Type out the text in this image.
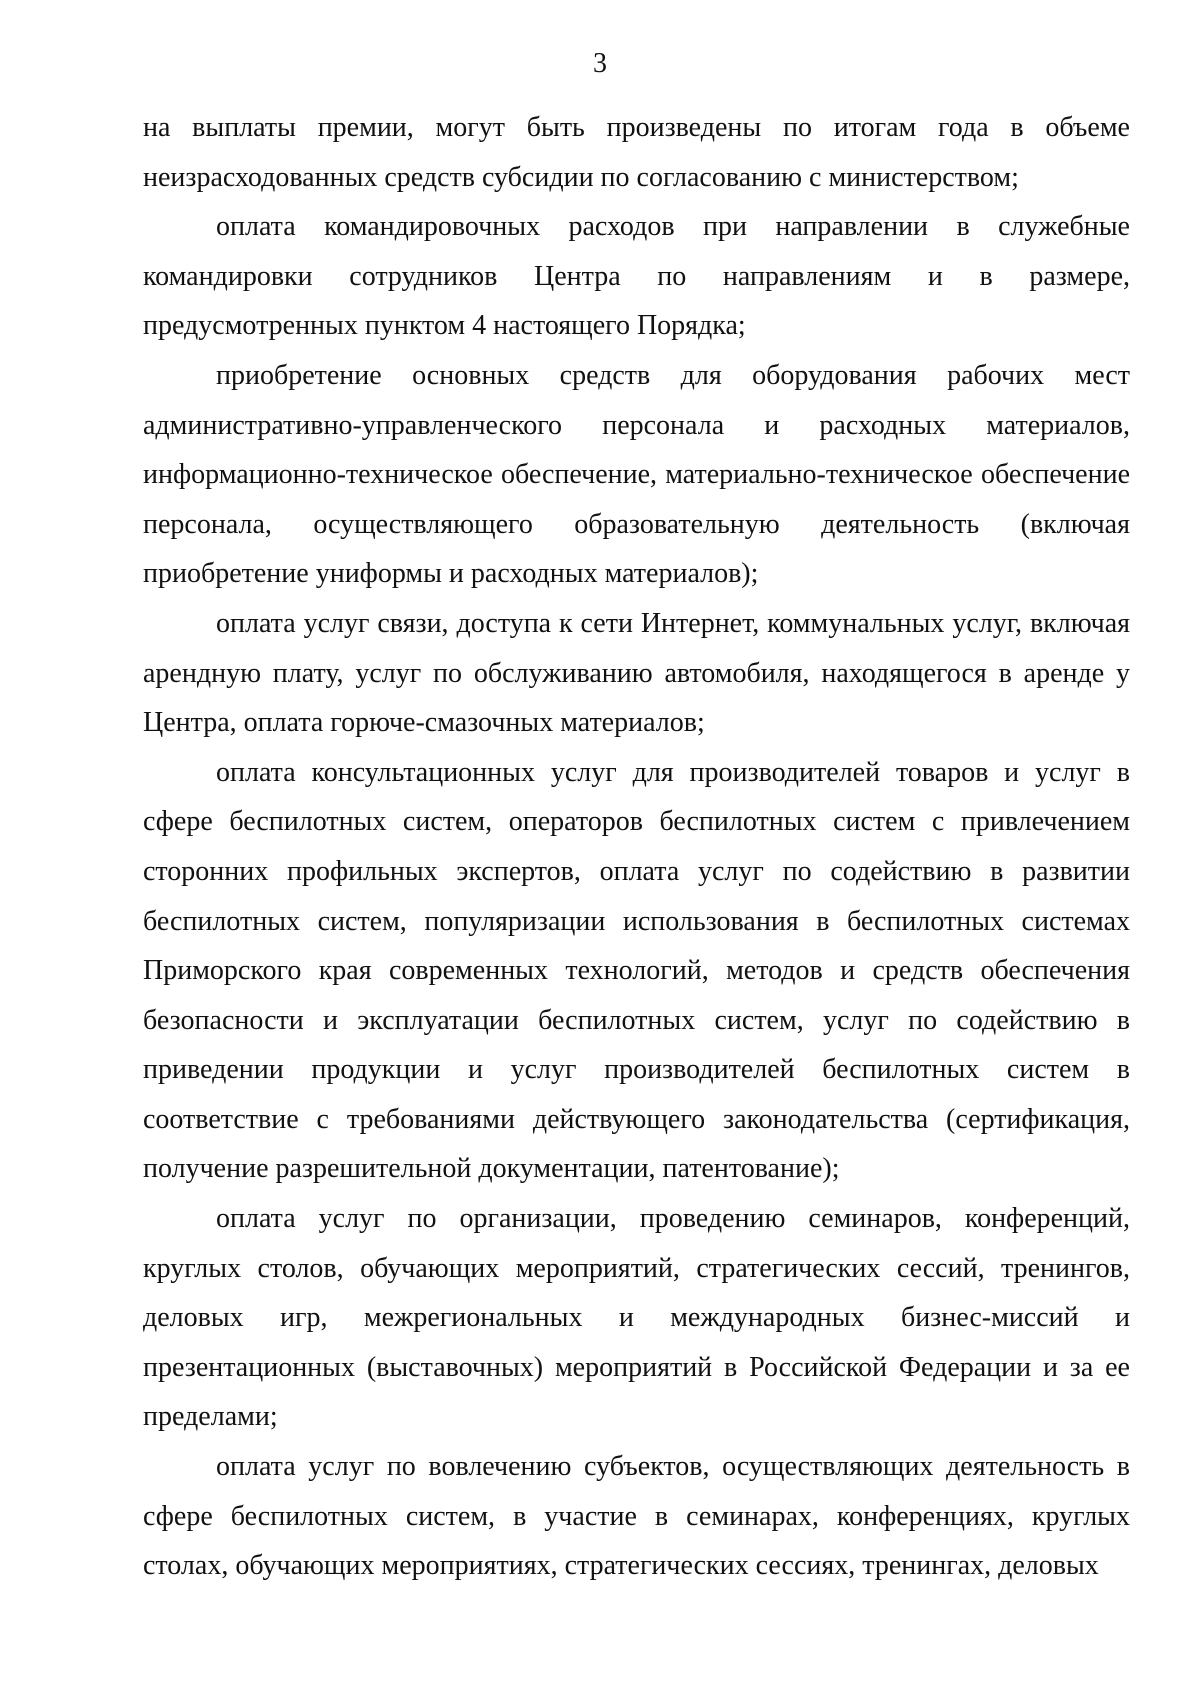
3

на выплаты премии, могут быть произведены по итогам года в объеме неизрасходованных средств субсидии по согласованию с министерством;

оплата командировочных расходов при направлении в служебные командировки сотрудников Центра по направлениям и в размере, предусмотренных пунктом 4 настоящего Порядка;

приобретение основных средств для оборудования рабочих мест административно-управленческого персонала и расходных материалов, информационно-техническое обеспечение, материально-техническое обеспечение персонала, осуществляющего образовательную деятельность (включая приобретение униформы и расходных материалов);

оплата услуг связи, доступа к сети Интернет, коммунальных услуг, включая арендную плату, услуг по обслуживанию автомобиля, находящегося в аренде у Центра, оплата горюче-смазочных материалов;

оплата консультационных услуг для производителей товаров и услуг в сфере беспилотных систем, операторов беспилотных систем с привлечением сторонних профильных экспертов, оплата услуг по содействию в развитии беспилотных систем, популяризации использования в беспилотных системах Приморского края современных технологий, методов и средств обеспечения безопасности и эксплуатации беспилотных систем, услуг по содействию в приведении продукции и услуг производителей беспилотных систем в соответствие с требованиями действующего законодательства (сертификация, получение разрешительной документации, патентование);

оплата услуг по организации, проведению семинаров, конференций, круглых столов, обучающих мероприятий, стратегических сессий, тренингов, деловых игр, межрегиональных и международных бизнес-миссий и презентационных (выставочных) мероприятий в Российской Федерации и за ее пределами;

оплата услуг по вовлечению субъектов, осуществляющих деятельность в сфере беспилотных систем, в участие в семинарах, конференциях, круглых столах, обучающих мероприятиях, стратегических сессиях, тренингах, деловых
